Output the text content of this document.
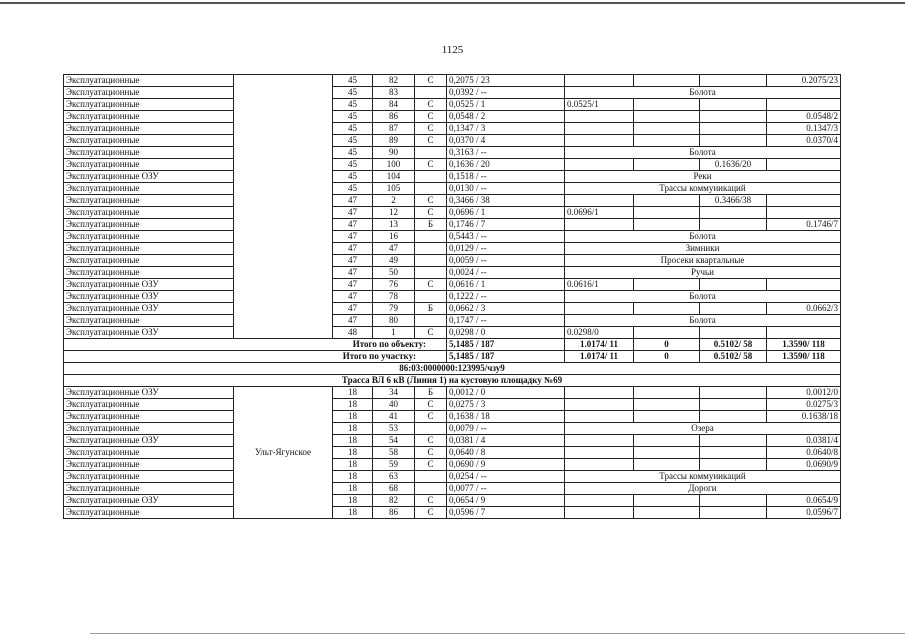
1125
Эксплуатационные		45	82	С	0,2075 / 23				0.2075/23
Эксплуатационные		45	83		0,0392 / --	Болота			
Эксплуатационные		45	84	С	0,0525 / 1	0.0525/1			
Эксплуатационные		45	86	С	0,0548 / 2				0.0548/2
Эксплуатационные		45	87	С	0,1347 / 3				0.1347/3
Эксплуатационные		45	89	С	0,0370 / 4				0.0370/4
Эксплуатационные		45	90		0,3163 / --	Болота			
Эксплуатационные		45	100	С	0,1636 / 20			0.1636/20	
Эксплуатационные ОЗУ		45	104		0,1518 / --	Реки			
Эксплуатационные		45	105		0,0130 / --	Трассы коммуникаций			
Эксплуатационные		47	2	С	0,3466 / 38			0.3466/38	
Эксплуатационные		47	12	С	0,0696 / 1	0.0696/1			
Эксплуатационные		47	13	Б	0,1746 / 7				0.1746/7
Эксплуатационные		47	16		0,5443 / --	Болота			
Эксплуатационные		47	47		0,0129 / --	Зимники			
Эксплуатационные		47	49		0,0059 / --	Просеки квартальные			
Эксплуатационные		47	50		0,0024 / --	Ручьи			
Эксплуатационные ОЗУ		47	76	С	0,0616 / 1	0.0616/1			
Эксплуатационные ОЗУ		47	78		0,1222 / --	Болота			
Эксплуатационные ОЗУ		47	79	Б	0,0662 / 3				0.0662/3
Эксплуатационные		47	80		0,1747 / --	Болота			
Эксплуатационные ОЗУ		48	1	С	0,0298 / 0	0.0298/0			
Итого по объекту:					5,1485 / 187	1.0174/ 11	0	0.5102/ 58	1.3590/ 118
Итого по участку:					5,1485 / 187	1.0174/ 11	0	0.5102/ 58	1.3590/ 118
86:03:0000000:123995/чзу9									
Трасса ВЛ 6 кВ (Линия 1) на кустовую площадку №69									
Эксплуатационные ОЗУ	Ульт-Ягунское	18	34	Б	0,0012 / 0				0.0012/0
Эксплуатационные		18	40	С	0,0275 / 3				0.0275/3
Эксплуатационные		18	41	С	0,1638 / 18				0.1638/18
Эксплуатационные		18	53		0,0079 / --	Озера			
Эксплуатационные ОЗУ		18	54	С	0,0381 / 4				0.0381/4
Эксплуатационные		18	58	С	0,0640 / 8				0.0640/8
Эксплуатационные		18	59	С	0,0690 / 9				0.0690/9
Эксплуатационные		18	63		0,0254 / --	Трассы коммуникаций			
Эксплуатационные		18	68		0,0077 / --	Дороги			
Эксплуатационные ОЗУ		18	82	С	0,0654 / 9				0.0654/9
Эксплуатационные		18	86	С	0,0596 / 7				0.0596/7
